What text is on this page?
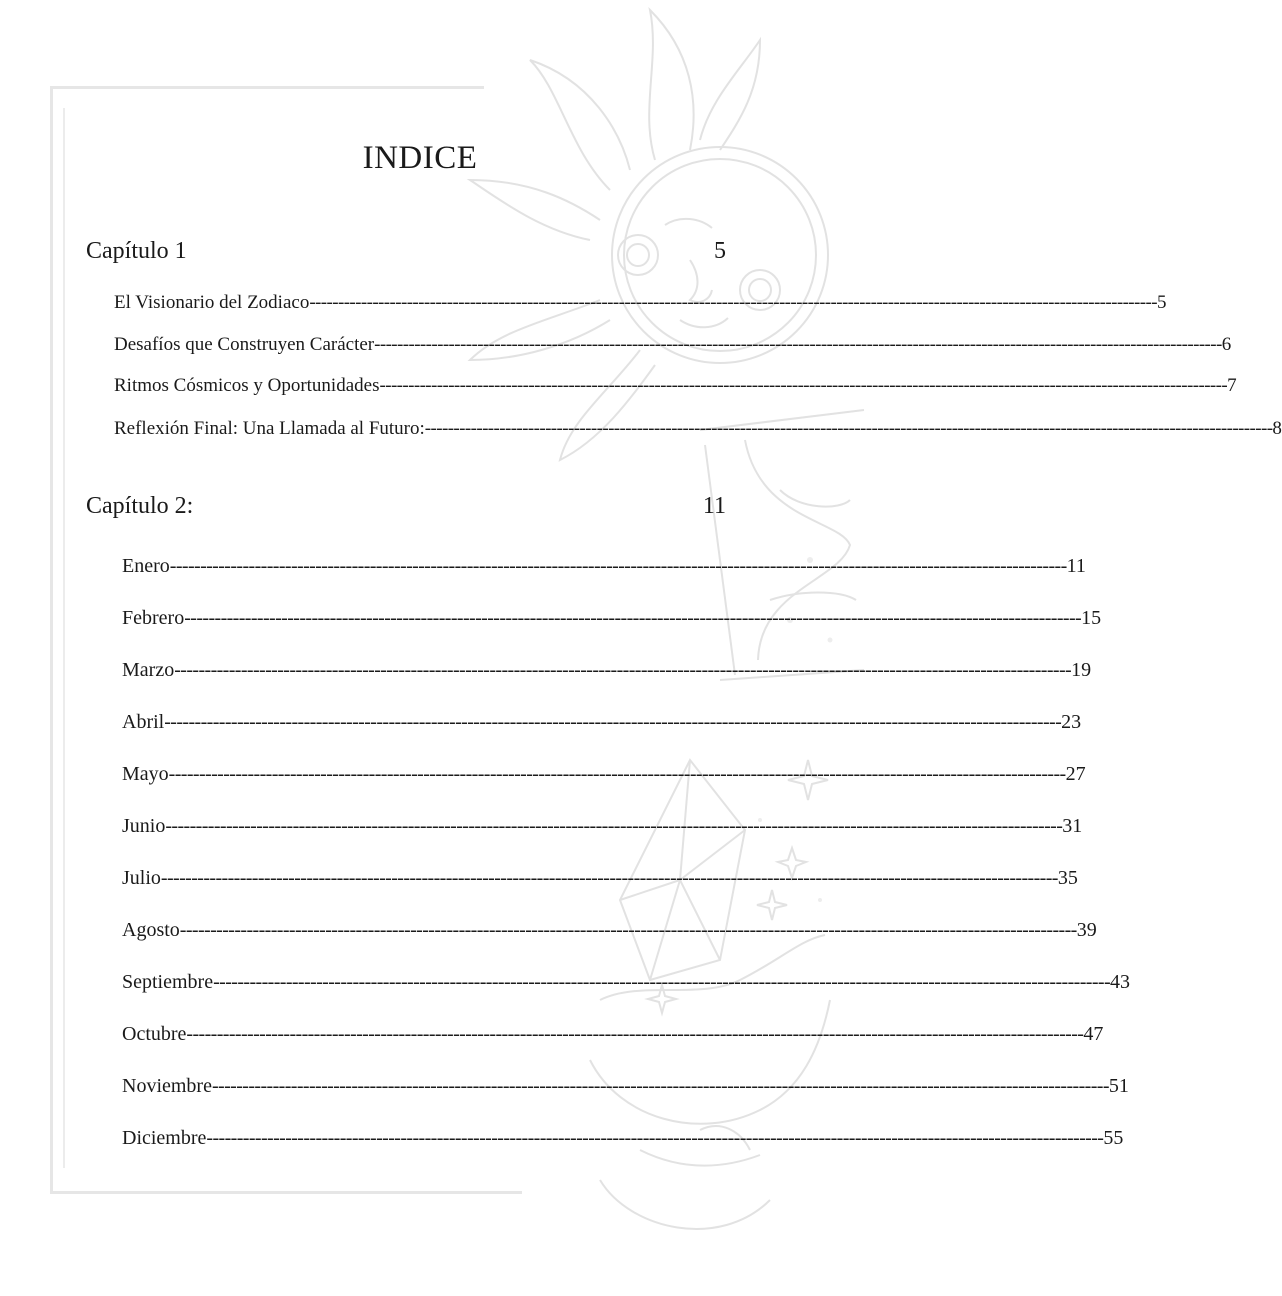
INDICE
Capítulo 1	5
El Visionario del Zodiaco ---------------------------------------------------------------------------------------------------------------------------------------------------- 5
Desafíos que Construyen Carácter ---------------------------------------------------------------------------------------------------------------------------------------------------- 6
Ritmos Cósmicos y Oportunidades ---------------------------------------------------------------------------------------------------------------------------------------------------- 7
Reflexión Final: Una Llamada al Futuro: ---------------------------------------------------------------------------------------------------------------------------------------------------- 8
Capítulo 2:	11
Enero ---------------------------------------------------------------------------------------------------------------------------------------------------- 11
Febrero ---------------------------------------------------------------------------------------------------------------------------------------------------- 15
Marzo ---------------------------------------------------------------------------------------------------------------------------------------------------- 19
Abril ---------------------------------------------------------------------------------------------------------------------------------------------------- 23
Mayo ---------------------------------------------------------------------------------------------------------------------------------------------------- 27
Junio ---------------------------------------------------------------------------------------------------------------------------------------------------- 31
Julio ---------------------------------------------------------------------------------------------------------------------------------------------------- 35
Agosto ---------------------------------------------------------------------------------------------------------------------------------------------------- 39
Septiembre ---------------------------------------------------------------------------------------------------------------------------------------------------- 43
Octubre ---------------------------------------------------------------------------------------------------------------------------------------------------- 47
Noviembre ---------------------------------------------------------------------------------------------------------------------------------------------------- 51
Diciembre ---------------------------------------------------------------------------------------------------------------------------------------------------- 55
